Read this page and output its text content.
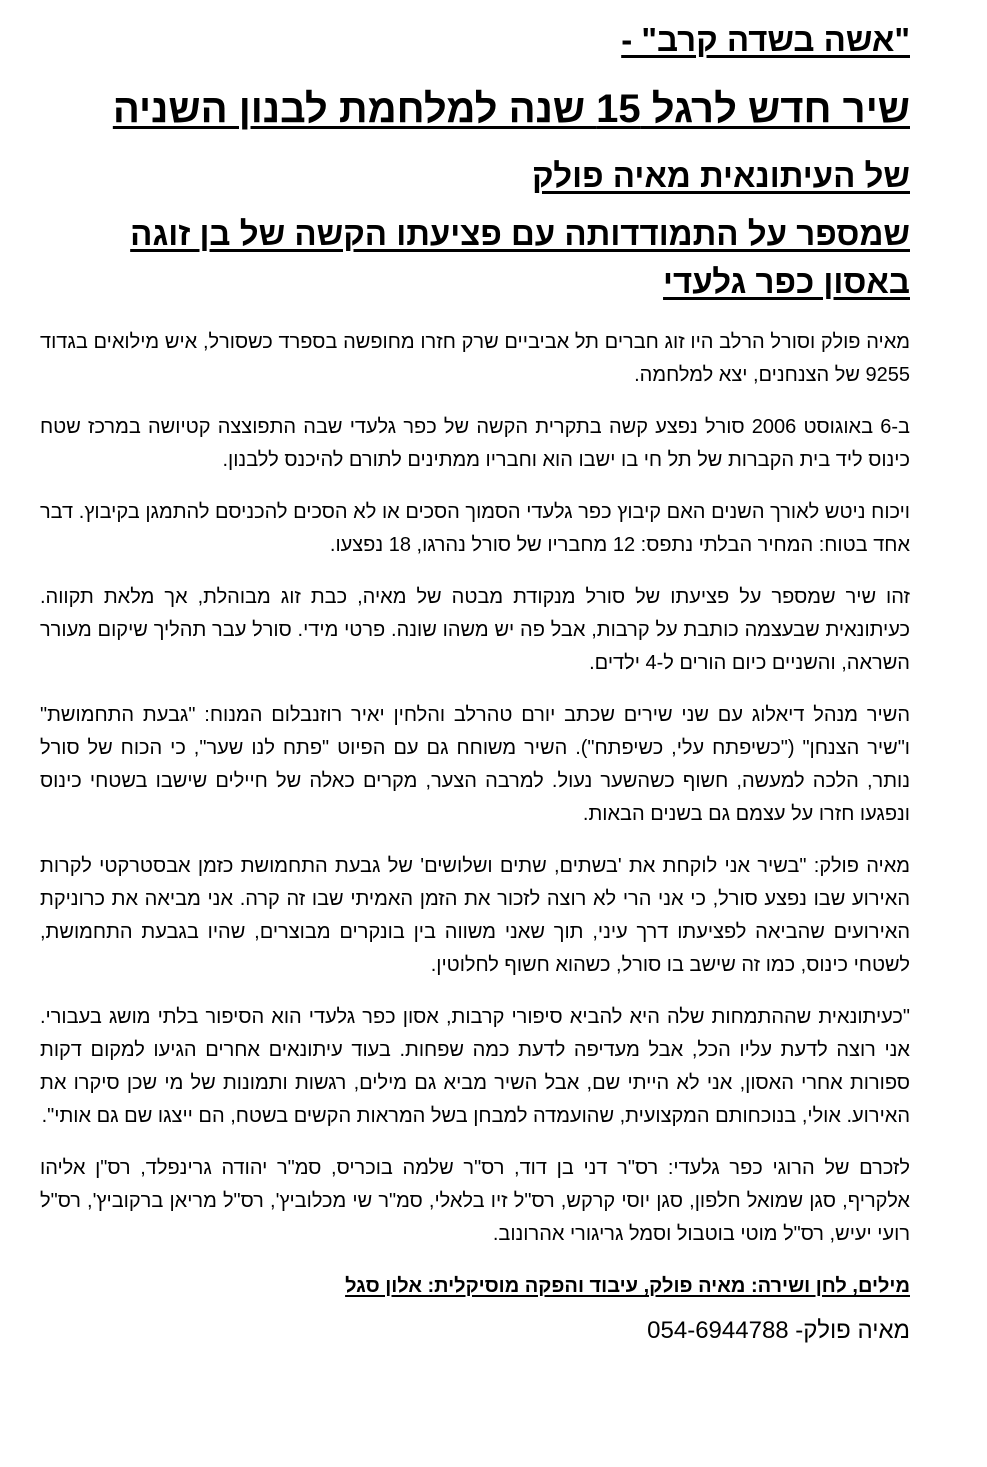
"אשה בשדה קרב" -
שיר חדש לרגל 15 שנה למלחמת לבנון השניה
של העיתונאית מאיה פולק
שמספר על התמודדותה עם פציעתו הקשה של בן זוגה באסון כפר גלעדי

מאיה פולק וסורל הרלב היו זוג חברים תל אביביים שרק חזרו מחופשה בספרד כשסורל, איש מילואים בגדוד 9255 של הצנחנים, יצא למלחמה.

ב-6 באוגוסט 2006 סורל נפצע קשה בתקרית הקשה של כפר גלעדי שבה התפוצצה קטיושה במרכז שטח כינוס ליד בית הקברות של תל חי בו ישבו הוא וחבריו ממתינים לתורם להיכנס ללבנון.

ויכוח ניטש לאורך השנים האם קיבוץ כפר גלעדי הסמוך הסכים או לא הסכים להכניסם להתמגן בקיבוץ. דבר אחד בטוח: המחיר הבלתי נתפס: 12 מחבריו של סורל נהרגו, 18 נפצעו.

זהו שיר שמספר על פציעתו של סורל מנקודת מבטה של מאיה, כבת זוג מבוהלת, אך מלאת תקווה. כעיתונאית שבעצמה כותבת על קרבות, אבל פה יש משהו שונה. פרטי מידי. סורל עבר תהליך שיקום מעורר השראה, והשניים כיום הורים ל-4 ילדים.

השיר מנהל דיאלוג עם שני שירים שכתב יורם טהרלב והלחין יאיר רוזנבלום המנוח: "גבעת התחמושת" ו"שיר הצנחן" ("כשיפתח עלי, כשיפתח"). השיר משוחח גם עם הפיוט "פתח לנו שער", כי הכוח של סורל נותר, הלכה למעשה, חשוף כשהשער נעול. למרבה הצער, מקרים כאלה של חיילים שישבו בשטחי כינוס ונפגעו חזרו על עצמם גם בשנים הבאות.

מאיה פולק: "בשיר אני לוקחת את 'בשתים, שתים ושלושים' של גבעת התחמושת כזמן אבסטרקטי לקרות האירוע שבו נפצע סורל, כי אני הרי לא רוצה לזכור את הזמן האמיתי שבו זה קרה. אני מביאה את כרוניקת האירועים שהביאה לפציעתו דרך עיני, תוך שאני משווה בין בונקרים מבוצרים, שהיו בגבעת התחמושת, לשטחי כינוס, כמו זה שישב בו סורל, כשהוא חשוף לחלוטין.

"כעיתונאית שההתמחות שלה היא להביא סיפורי קרבות, אסון כפר גלעדי הוא הסיפור בלתי מושג בעבורי. אני רוצה לדעת עליו הכל, אבל מעדיפה לדעת כמה שפחות. בעוד עיתונאים אחרים הגיעו למקום דקות ספורות אחרי האסון, אני לא הייתי שם, אבל השיר מביא גם מילים, רגשות ותמונות של מי שכן סיקרו את האירוע. אולי, בנוכחותם המקצועית, שהועמדה למבחן בשל המראות הקשים בשטח, הם ייצגו שם גם אותי".

לזכרם של הרוגי כפר גלעדי: רס"ר דני בן דוד, רס"ר שלמה בוכריס, סמ"ר יהודה גרינפלד, רס"ן אליהו אלקריף, סגן שמואל חלפון, סגן יוסי קרקש, רס"ל זיו בלאלי, סמ"ר שי מכלוביץ', רס"ל מריאן ברקוביץ', רס"ל רועי יעיש, רס"ל מוטי בוטבול וסמל גריגורי אהרונוב.

מילים, לחן ושירה: מאיה פולק, עיבוד והפקה מוסיקלית: אלון סגל

מאיה פולק- 054-6944788
